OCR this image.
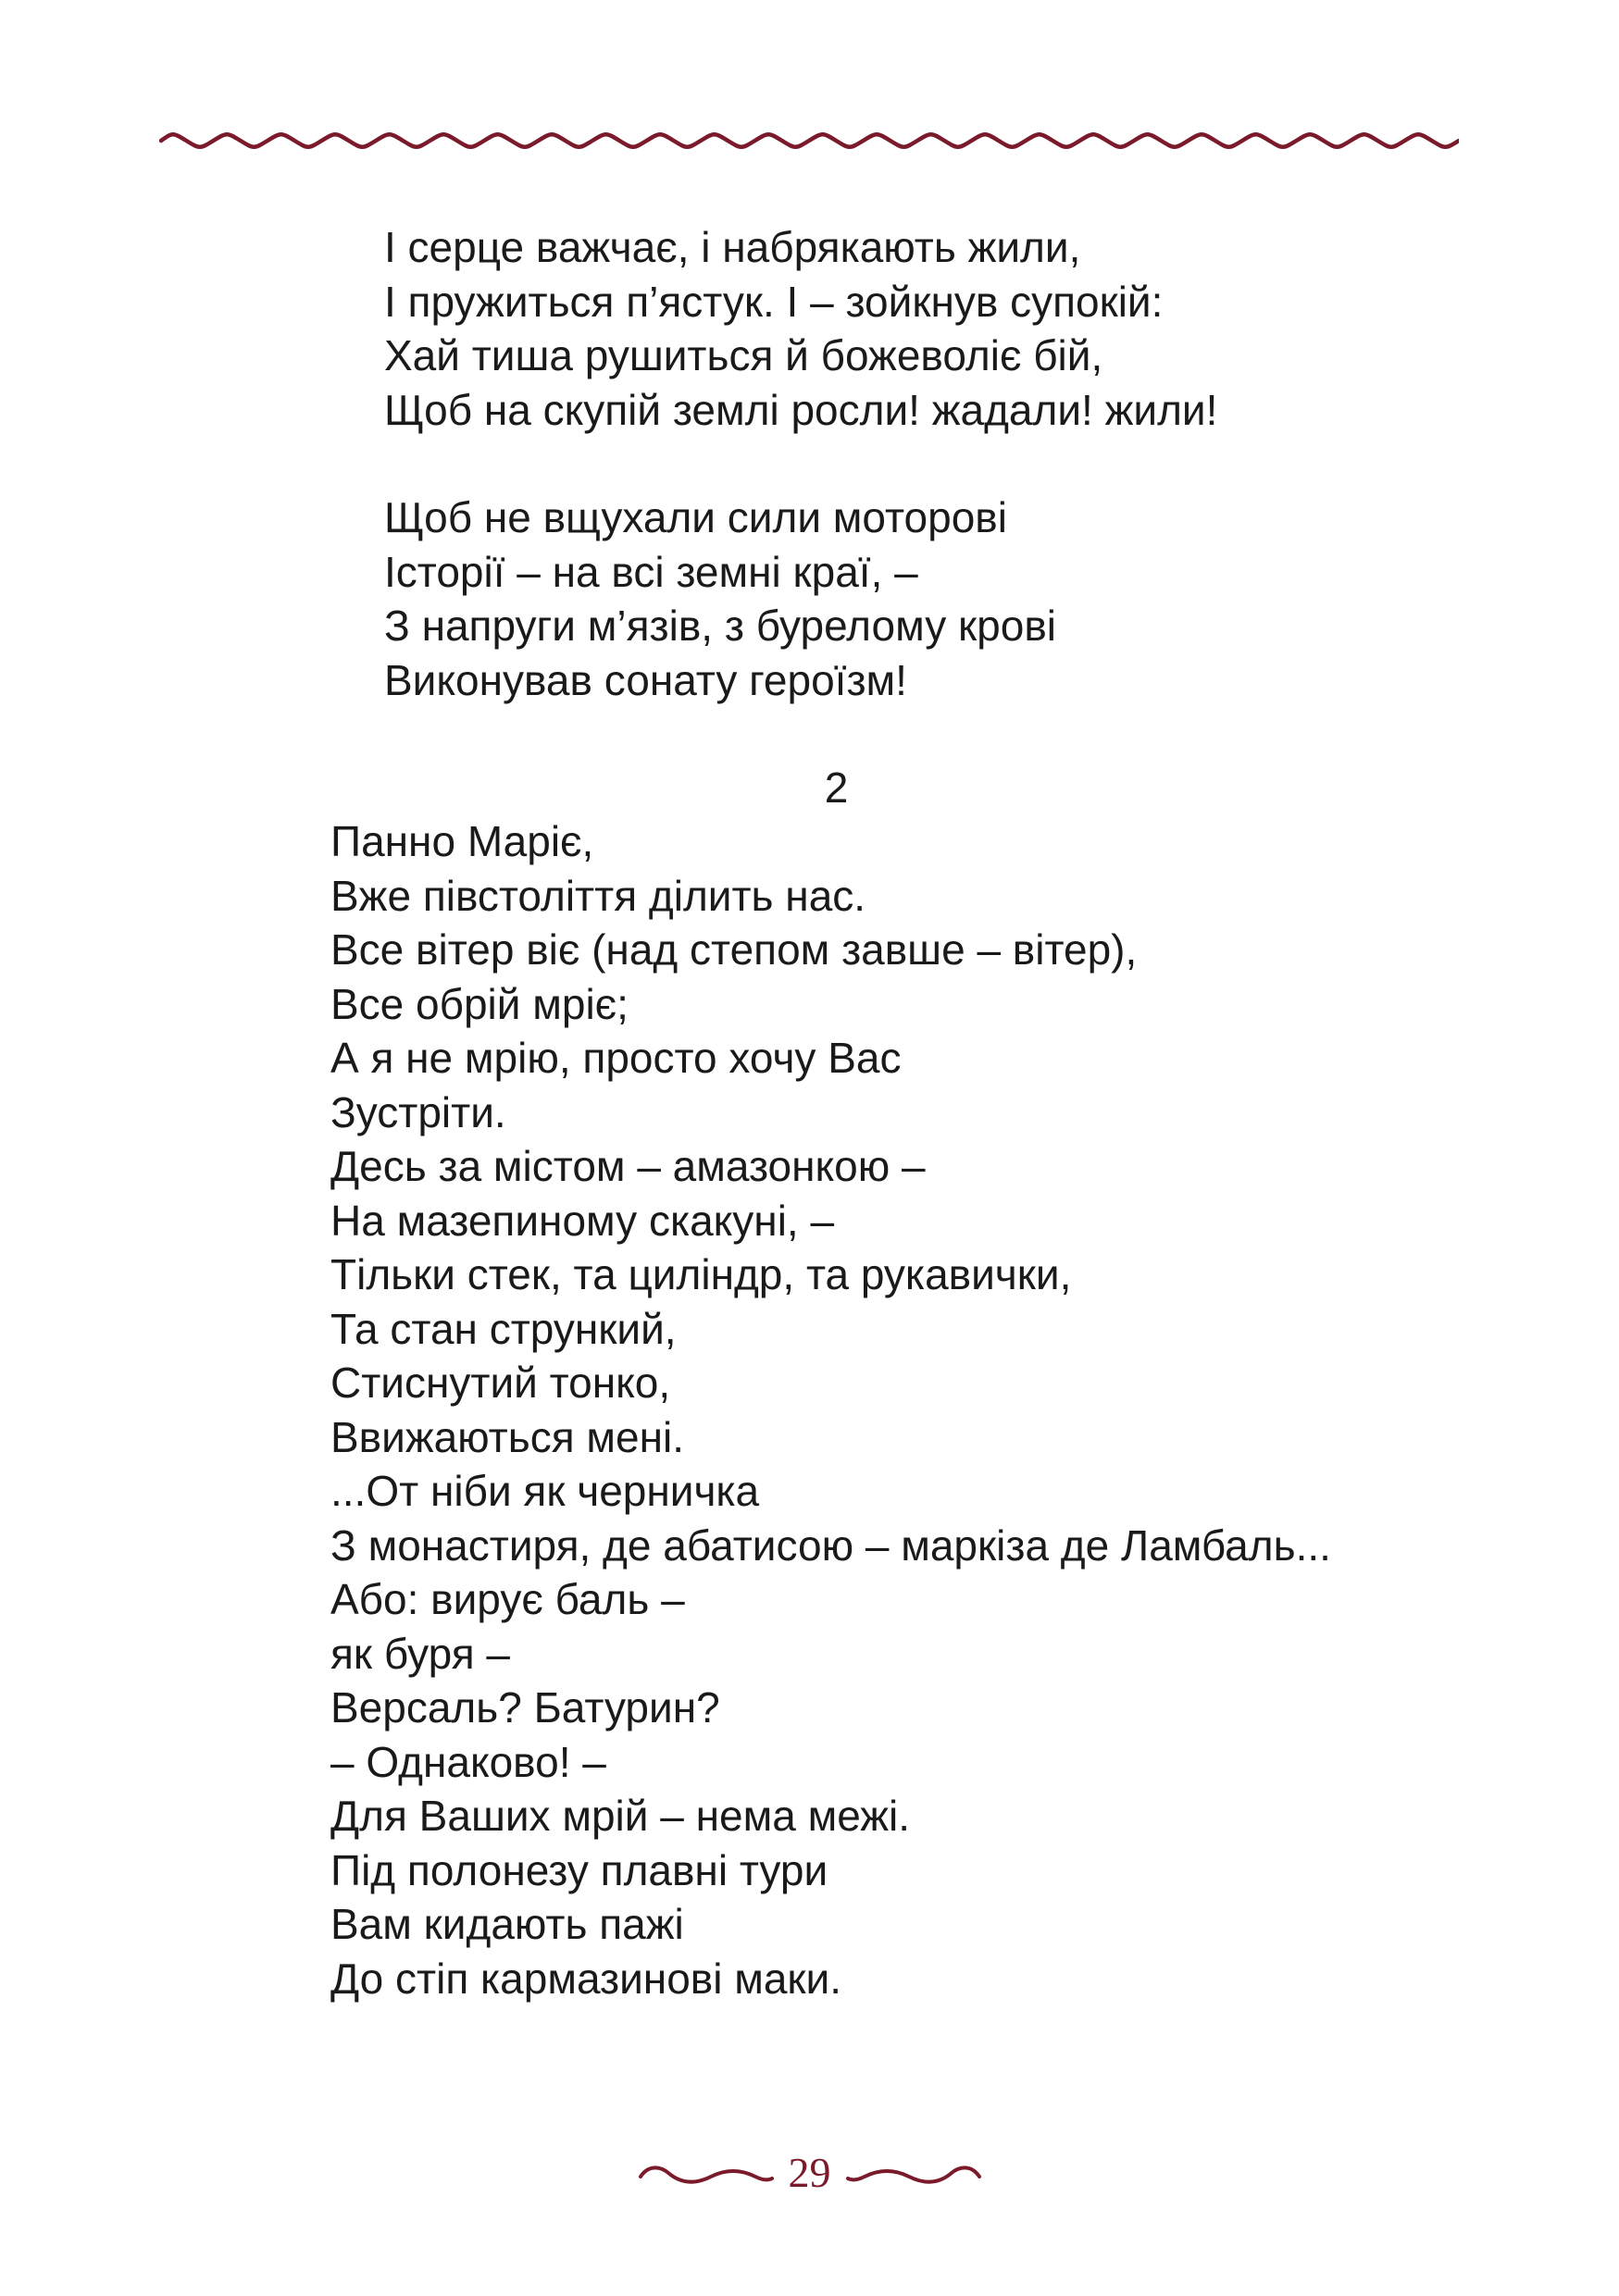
І серце важчає, і набрякають жили,
І пружиться п’ястук. І – зойкнув супокій:
Хай тиша рушиться й божеволіє бій,
Щоб на скупій землі росли! жадали! жили!
Щоб не вщухали сили моторові
Історії – на всі земні краї, –
З напруги м’язів, з бурелому крові
Виконував сонату героїзм!
2
Панно Маріє,
Вже півстоліття ділить нас.
Все вітер віє (над степом завше – вітер),
Все обрій мріє;
А я не мрію, просто хочу Вас
Зустріти.
Десь за містом – амазонкою –
На мазепиному скакуні, –
Тільки стек, та циліндр, та рукавички,
Та стан стрункий,
Стиснутий тонко,
Ввижаються мені.
...От ніби як черничка
З монастиря, де абатисою – маркіза де Ламбаль...
Або: вирує баль –
як буря –
Версаль? Батурин?
– Однаково! –
Для Ваших мрій – нема межі.
Під полонезу плавні тури
Вам кидають пажі
До стіп кармазинові маки.
29
